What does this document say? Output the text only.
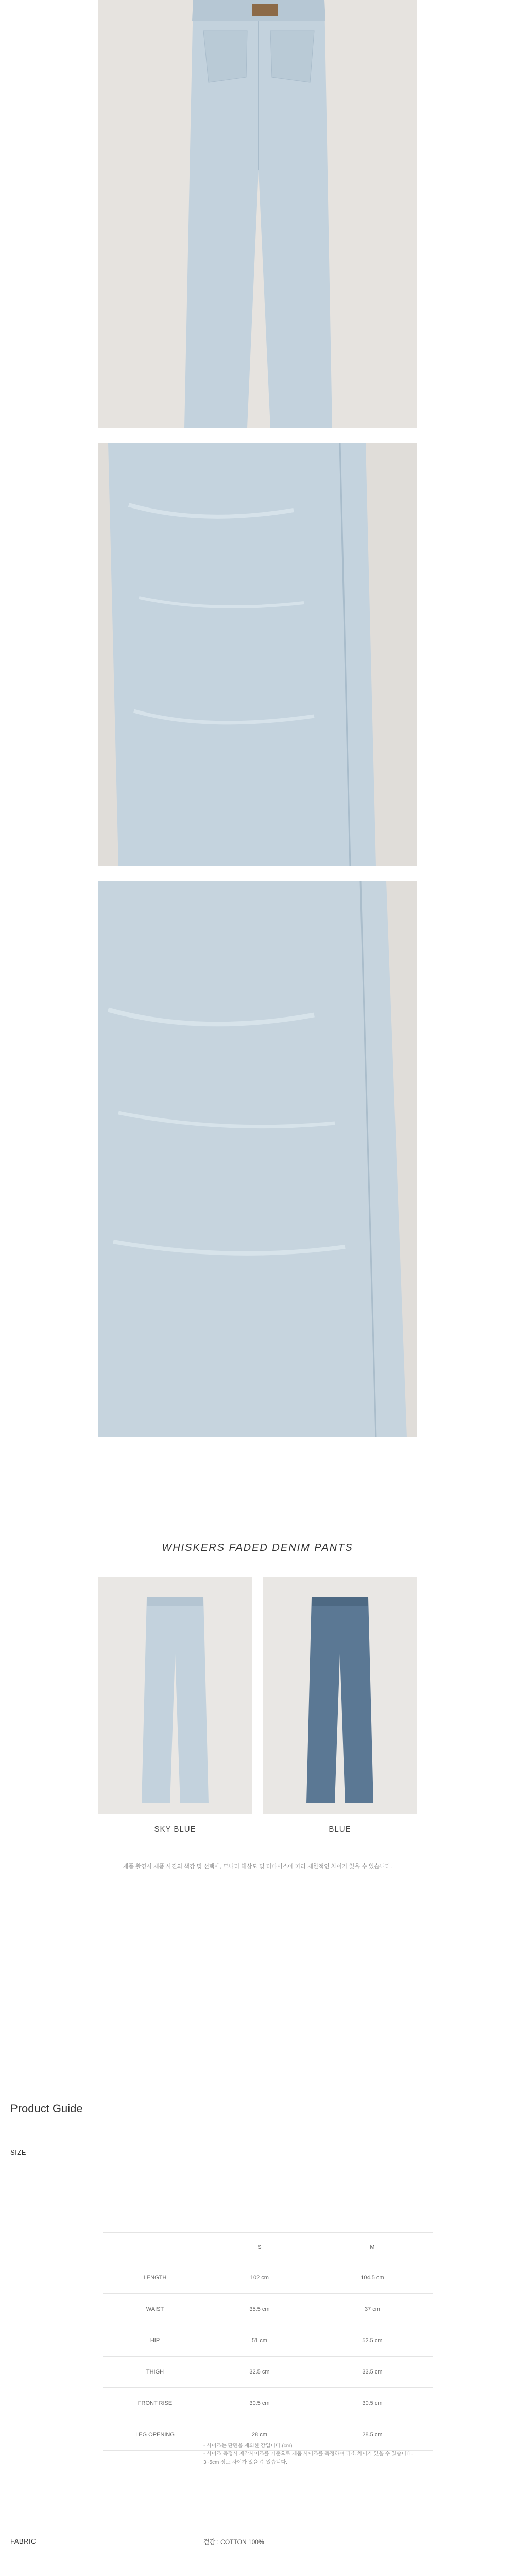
WHISKERS FADED DENIM PANTS
SKY BLUE	BLUE
제품 촬영시 제품 사진의 색감 및 선택에, 모니터 해상도 및 디바이스에 따라 제한적인 차이가 있을 수 있습니다.
Product Guide
SIZE
	S	M
LENGTH	102 cm	104.5 cm
WAIST	35.5 cm	37 cm
HIP	51 cm	52.5 cm
THIGH	32.5 cm	33.5 cm
FRONT RISE	30.5 cm	30.5 cm
LEG OPENING	28 cm	28.5 cm
- 사이즈는 단면을 제외한 값입니다.(cm)
- 사이즈 측정시 제작사이즈를 기준으로 제품 사이즈를 측정하며 다소 차이가 있을 수 있습니다.
3~5cm 정도 차이가 있을 수 있습니다.
FABRIC	겉감 : COTTON 100%
